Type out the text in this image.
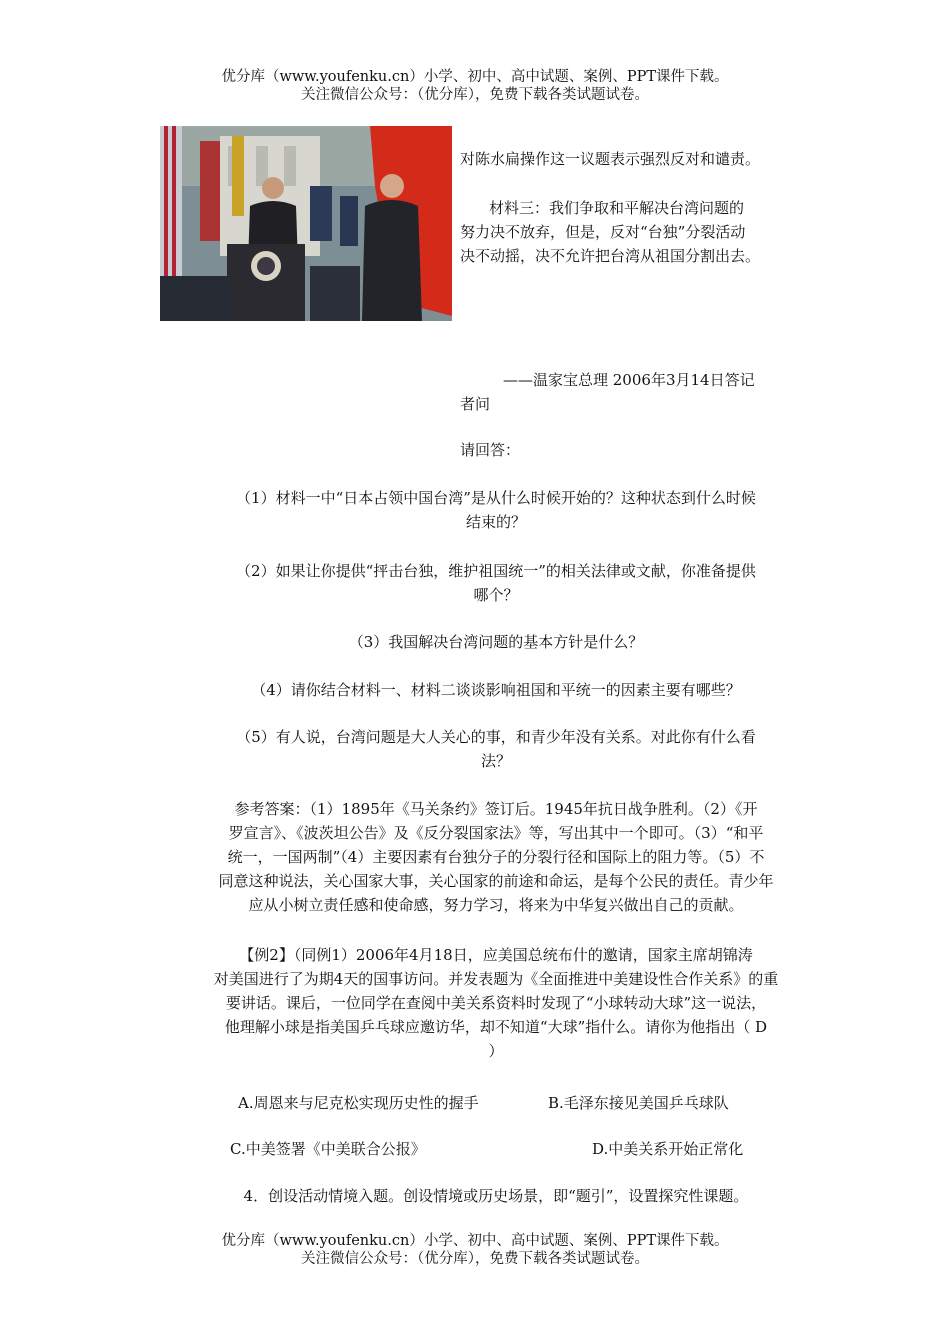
优分库（www.youfenku.cn）小学、初中、高中试题、案例、PPT课件下载。
关注微信公众号：（优分库），免费下载各类试题试卷。
对陈水扁操作这一议题表示强烈反对和谴责。
材料三：我们争取和平解决台湾问题的
努力决不放弃，但是，反对“台独”分裂活动
决不动摇，决不允许把台湾从祖国分割出去。
——温家宝总理 2006年3月14日答记
者问
请回答：
（1）材料一中“日本占领中国台湾”是从什么时候开始的？这种状态到什么时候
结束的？
（2）如果让你提供“抨击台独，维护祖国统一”的相关法律或文献，你准备提供
哪个？
（3）我国解决台湾问题的基本方针是什么？
（4）请你结合材料一、材料二谈谈影响祖国和平统一的因素主要有哪些？
（5）有人说，台湾问题是大人关心的事，和青少年没有关系。对此你有什么看
法？
参考答案：（1）1895年《马关条约》签订后。1945年抗日战争胜利。（2）《开
罗宣言》、《波茨坦公告》及《反分裂国家法》等，写出其中一个即可。（3）“和平
统一，一国两制”（4）主要因素有台独分子的分裂行径和国际上的阻力等。（5）不
同意这种说法，关心国家大事，关心国家的前途和命运，是每个公民的责任。青少年
应从小树立责任感和使命感，努力学习，将来为中华复兴做出自己的贡献。
【例2】（同例1）2006年4月18日，应美国总统布什的邀请，国家主席胡锦涛
对美国进行了为期4天的国事访问。并发表题为《全面推进中美建设性合作关系》的重
要讲话。课后，一位同学在查阅中美关系资料时发现了“小球转动大球”这一说法，
他理解小球是指美国乒乓球应邀访华，却不知道“大球”指什么。请你为他指出（ D
）
A.周恩来与尼克松实现历史性的握手	B.毛泽东接见美国乒乓球队
C.中美签署《中美联合公报》	D.中美关系开始正常化
4．创设活动情境入题。创设情境或历史场景，即“题引”，设置探究性课题。
优分库（www.youfenku.cn）小学、初中、高中试题、案例、PPT课件下载。
关注微信公众号：（优分库），免费下载各类试题试卷。
